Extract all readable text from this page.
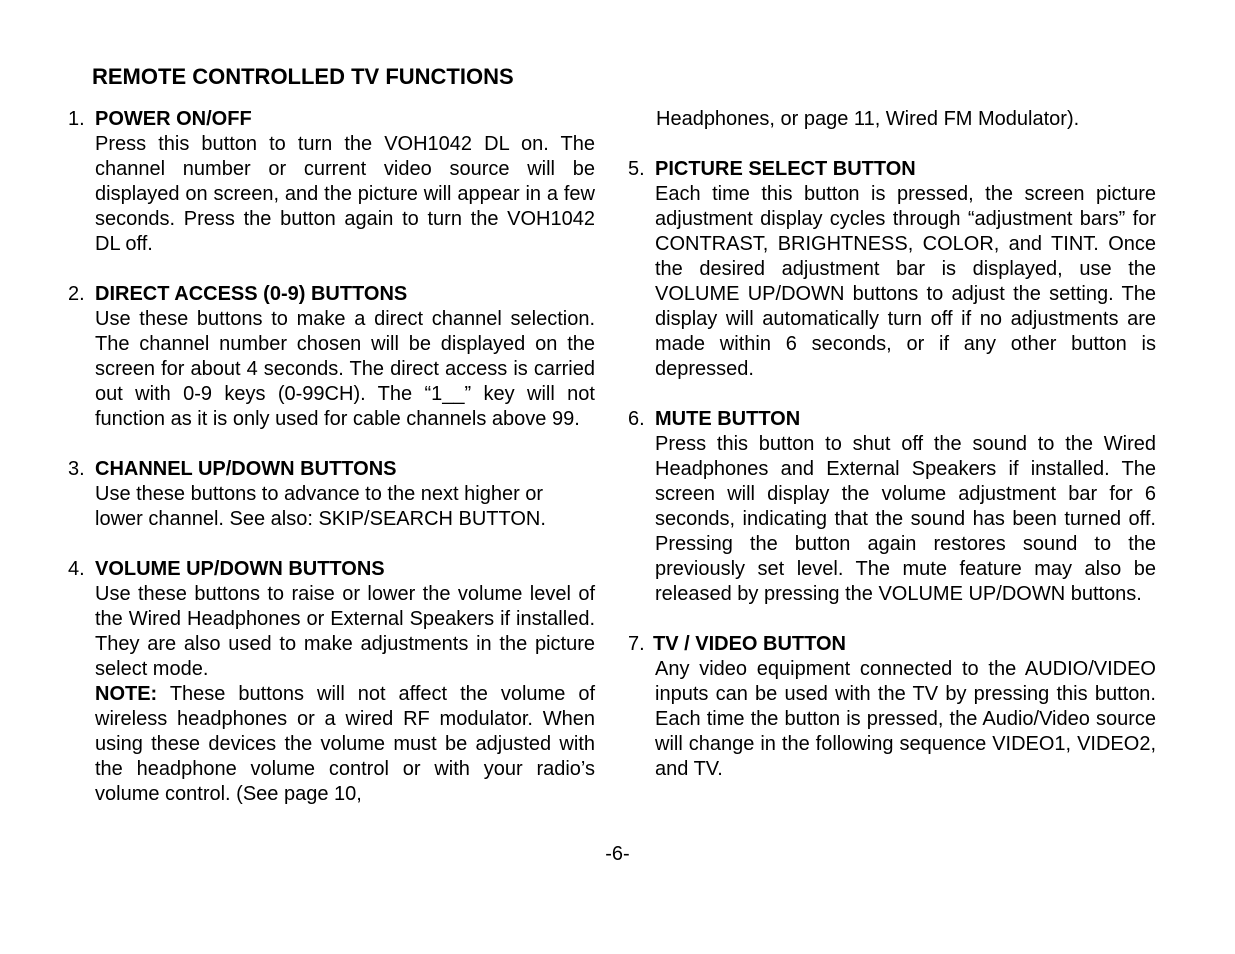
REMOTE CONTROLLED TV FUNCTIONS
1. POWER ON/OFF
Press this button to turn the VOH1042 DL on. The channel number or current video source will be displayed on screen, and the picture will appear in a few seconds. Press the button again to turn the VOH1042 DL off.
2. DIRECT ACCESS (0-9) BUTTONS
Use these buttons to make a direct channel selection. The channel number chosen will be displayed on the screen for about 4 seconds. The direct access is carried out with 0-9 keys (0-99CH). The “1__” key will not function as it is only used for cable channels above 99.
3. CHANNEL UP/DOWN BUTTONS
Use these buttons to advance to the next higher or lower channel. See also: SKIP/SEARCH BUTTON.
4. VOLUME UP/DOWN BUTTONS
Use these buttons to raise or lower the volume level of the Wired Headphones or External Speakers if installed. They are also used to make adjustments in the picture select mode.
NOTE: These buttons will not affect the volume of wireless headphones or a wired RF modulator. When using these devices the volume must be adjusted with the headphone volume control or with your radio’s volume control. (See page 10,
Headphones, or page 11, Wired FM Modulator).
5. PICTURE SELECT BUTTON
Each time this button is pressed, the screen picture adjustment display cycles through “adjustment bars” for CONTRAST, BRIGHTNESS, COLOR, and TINT. Once the desired adjustment bar is displayed, use the VOLUME UP/DOWN buttons to adjust the setting. The display will automatically turn off if no adjustments are made within 6 seconds, or if any other button is depressed.
6. MUTE BUTTON
Press this button to shut off the sound to the Wired Headphones and External Speakers if installed. The screen will display the volume adjustment bar for 6 seconds, indicating that the sound has been turned off. Pressing the button again restores sound to the previously set level. The mute feature may also be released by pressing the VOLUME UP/DOWN buttons.
7. TV / VIDEO BUTTON
Any video equipment connected to the AUDIO/VIDEO inputs can be used with the TV by pressing this button. Each time the button is pressed, the Audio/Video source will change in the following sequence VIDEO1, VIDEO2, and TV.
-6-
